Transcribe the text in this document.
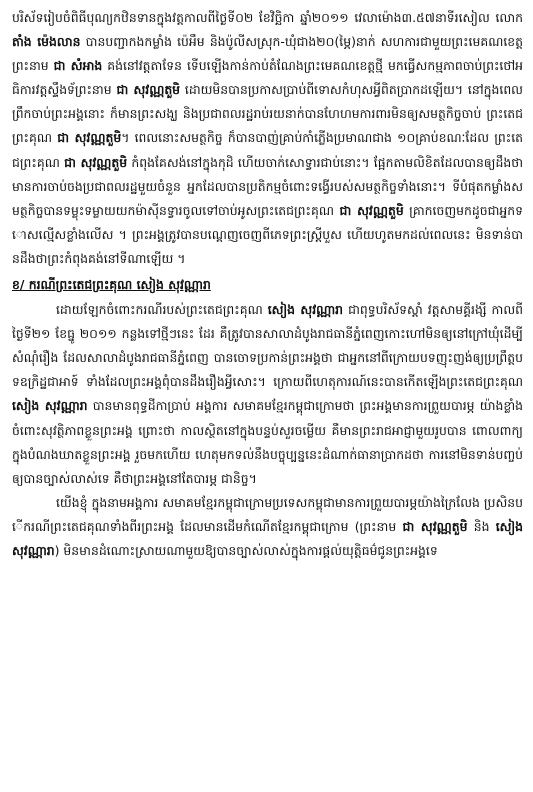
បរិស័ទរៀបចំពិធីបុណ្យកឋិនទានក្នុងវត្តកាលពីថ្ងៃទី០២ ខែវិច្ឆិកា ឆ្នាំ២០១១ វេលាម៉ោង៣.៥៧នាទីរសៀល លោក តាំង ម៉េងលាន បានបញ្ជាកងកម្លាំង ប៉េអឹម និងប៉ូលីសស្រុក-ឃុំជាង២០(ម្ភៃ)នាក់ សហការជាមួយព្រះមេគណខេត្តព្រះនាម ជា សំអាង គង់នៅវត្តតាទែន ទើបឡើងកាន់កាប់តំណែងព្រះមេគណខេត្តថ្មី មកធ្វើសកម្មភាពចាប់ព្រះថៅអធិការវត្តស្ទឹងទ័ព្រះនាម ជា សុវណ្ណតួមិ ដោយមិនបានប្រកាសប្រាប់ពីទោសកំហុសអ្វីពិតប្រាកដឡើយ។ នៅក្នុងពេលព្រឹកចាប់ព្រះអង្គនោះ ក៏មានព្រះសង្ឃ និងប្រជាពលរដ្ឋរាប់រយនាក់បានហែហមការពារមិនឲ្យសមត្ថកិច្ចចាប់ ព្រះតេជព្រះគុណ ជា សុវណ្ណតួមិ។ ពេលនោះសមត្ថកិច្ច ក៏បានបាញ់គ្រាប់កាំភ្លើងប្រមាណជាង ១០គ្រាប់ខណៈដែល ព្រះតេជព្រះគុណ ជា សុវណ្ណតួមិ កំពុងគែសង់នៅក្នុងកុដិ ហើយចាក់សោទ្វារជាប់នោះ។ ផ្អែកតាមលិខិតដែលបានឲ្យដឹងថា មានការចាប់ចងប្រជាពលរដ្ឋមួយចំនួន អ្នកដែលបានប្រតិកម្មចំពោះទង្វើរបស់សមត្ថកិច្ចទាំងនោះ។ ទីបំផុតកម្លាំងសមត្ថកិច្ចបានទម្លុះទម្លាយយកម៉ាស៊ីនទ្វារចូលទៅចាប់អូសព្រះតេជព្រះគុណ ជា សុវណ្ណតួមិ គ្រាកចេញមកដូចជាអ្នកទោសល្មើសខ្លាំងលើស ។ ព្រះអង្គត្រូវបានបណ្តេញចេញពីភេទព្រះស្រ្តីបួស ហើយហូតមកដល់ពេលនេះ មិនទាន់បានដឹងថាព្រះកំពុងគង់នៅទីណាឡើយ ។

ខ/ ករណីព្រះតេជព្រះគុណ សៀង សុវណ្ណារា

ដោយឡែកចំពោះករណីរបស់ព្រះតេជព្រះគុណ សៀង សុវណ្ណារា ជាពុទ្ធបរិស័ទស្ដាំ វត្តសាមគ្គីរង្សី កាលពីថ្ងៃទី២១ ខែធ្នូ ២០១១ កន្លងទៅថ្មីៗនេះ ដែរ គឺត្រូវបានសាលាដំបូងរាជធានីភ្នំពេញកោះហៅមិនឲ្យនៅក្រៅឃុំដើម្បីសំណុំរឿង ដែលសាលាដំបូងរាជធានីភ្នំពេញ បានចោទប្រកាន់ព្រះអង្គថា ជាអ្នកនៅពីក្រោយបទញុះញង់ឲ្យប្រព្រឹត្តបទឧក្រិដ្ឋជាអាទ៍ ទាំងដែលព្រះអង្គពុំបានដឹងរឿងអ្វីសោះ។ ក្រោយពីហេតុការណ៍នេះបានកើតឡើងព្រះតេជព្រះគុណ សៀង សុវណ្ណារា បានមានពុទ្ធដីកាប្រាប់ អង្គការ សមាគមខ្មែរកម្ពុជាក្រោមថា ព្រះអង្គមានការព្រួយបារម្ភ យ៉ាងខ្លាំងចំពោះសុវត្ថិភាពខ្លួនព្រះអង្គ ព្រោះថា កាលស្ថិតនៅក្នុងបន្ទប់សួរចម្លើយ គឺមានព្រះរាជអាជ្ញាមួយរូបបាន ពោលពាក្យក្នុងបំណងឃាតខ្លួនព្រះអង្គ រួចមកហើយ ហេតុមកទល់នឹងបច្ចុប្បន្ននេះដំណាក់ធានាប្រាកដថា ការនៅមិនទាន់បញ្ចប់ឲ្យបានច្បាស់លាស់ទេ គឺថាព្រះអង្គនៅតែបារម្ភ ជានិច្ច។

យើងខ្ញុំ ក្នុងនាមអង្គការ សមាគមខ្មែរកម្ពុជាក្រោមប្រទេសកម្ពុជាមានការព្រួយបារម្ភយ៉ាងក្រៃលែង ប្រសិនបើករណីព្រះតេជគុណទាំងពីរព្រះអង្គ ដែលមានដើមកំណើតខ្មែរកម្ពុជាក្រោម (ព្រះនាម ជា សុវណ្ណតួមិ និង សៀង សុវណ្ណារា) មិនមានដំណោះស្រាយណាមួយឱ្យបានច្បាស់លាស់ក្នុងការផ្ដល់យុត្តិធម៌ជូនព្រះអង្គទេ
